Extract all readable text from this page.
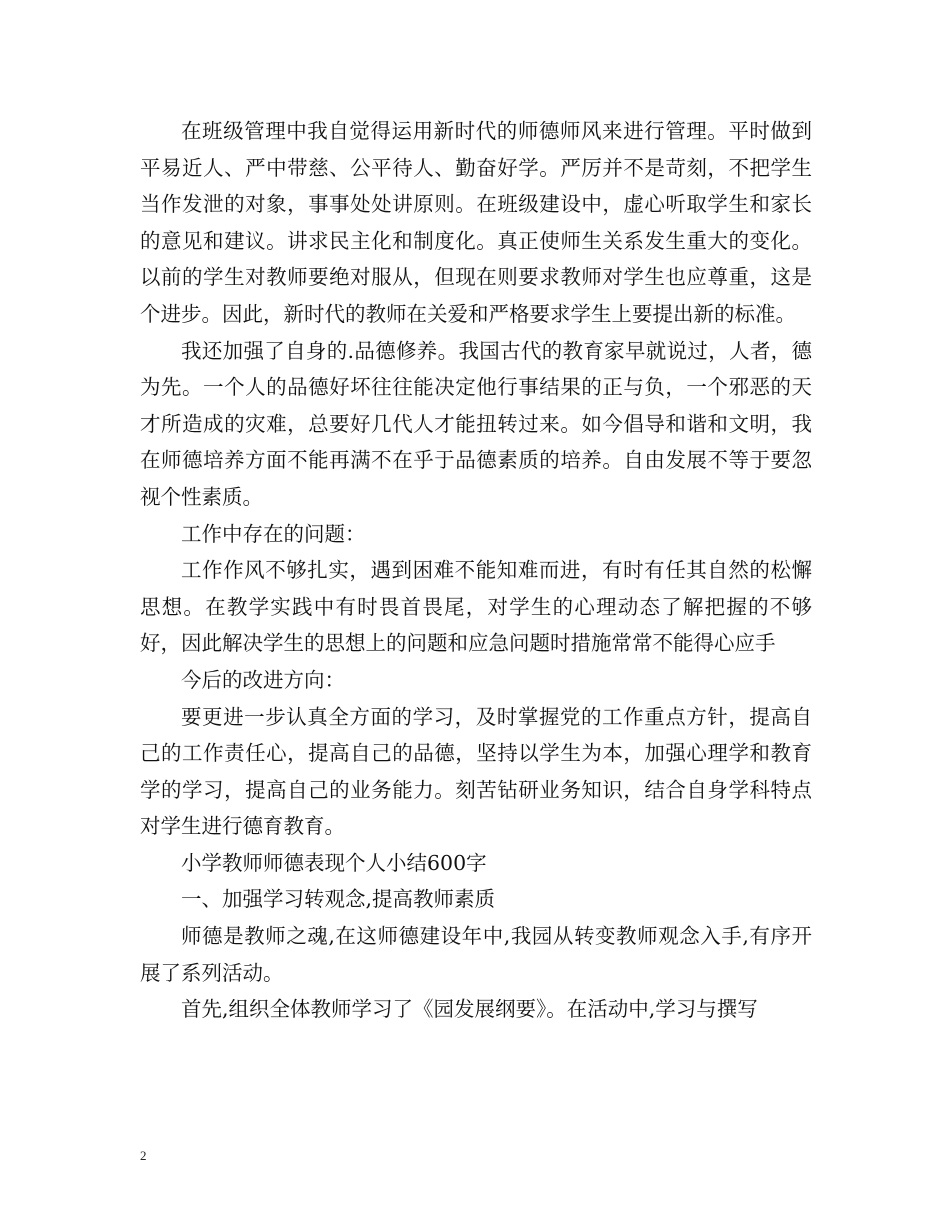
在班级管理中我自觉得运用新时代的师德师风来进行管理。平时做到平易近人、严中带慈、公平待人、勤奋好学。严厉并不是苛刻，不把学生当作发泄的对象，事事处处讲原则。在班级建设中，虚心听取学生和家长的意见和建议。讲求民主化和制度化。真正使师生关系发生重大的变化。以前的学生对教师要绝对服从，但现在则要求教师对学生也应尊重，这是个进步。因此，新时代的教师在关爱和严格要求学生上要提出新的标准。

我还加强了自身的.品德修养。我国古代的教育家早就说过，人者，德为先。一个人的品德好坏往往能决定他行事结果的正与负，一个邪恶的天才所造成的灾难，总要好几代人才能扭转过来。如今倡导和谐和文明，我在师德培养方面不能再满不在乎于品德素质的培养。自由发展不等于要忽视个性素质。

工作中存在的问题：

工作作风不够扎实，遇到困难不能知难而进，有时有任其自然的松懈思想。在教学实践中有时畏首畏尾，对学生的心理动态了解把握的不够好，因此解决学生的思想上的问题和应急问题时措施常常不能得心应手

今后的改进方向：

要更进一步认真全方面的学习，及时掌握党的工作重点方针，提高自己的工作责任心，提高自己的品德，坚持以学生为本，加强心理学和教育学的学习，提高自己的业务能力。刻苦钻研业务知识，结合自身学科特点对学生进行德育教育。

小学教师师德表现个人小结600字

一、加强学习转观念,提高教师素质

师德是教师之魂,在这师德建设年中,我园从转变教师观念入手,有序开展了系列活动。

首先,组织全体教师学习了《园发展纲要》。在活动中,学习与撰写

2
